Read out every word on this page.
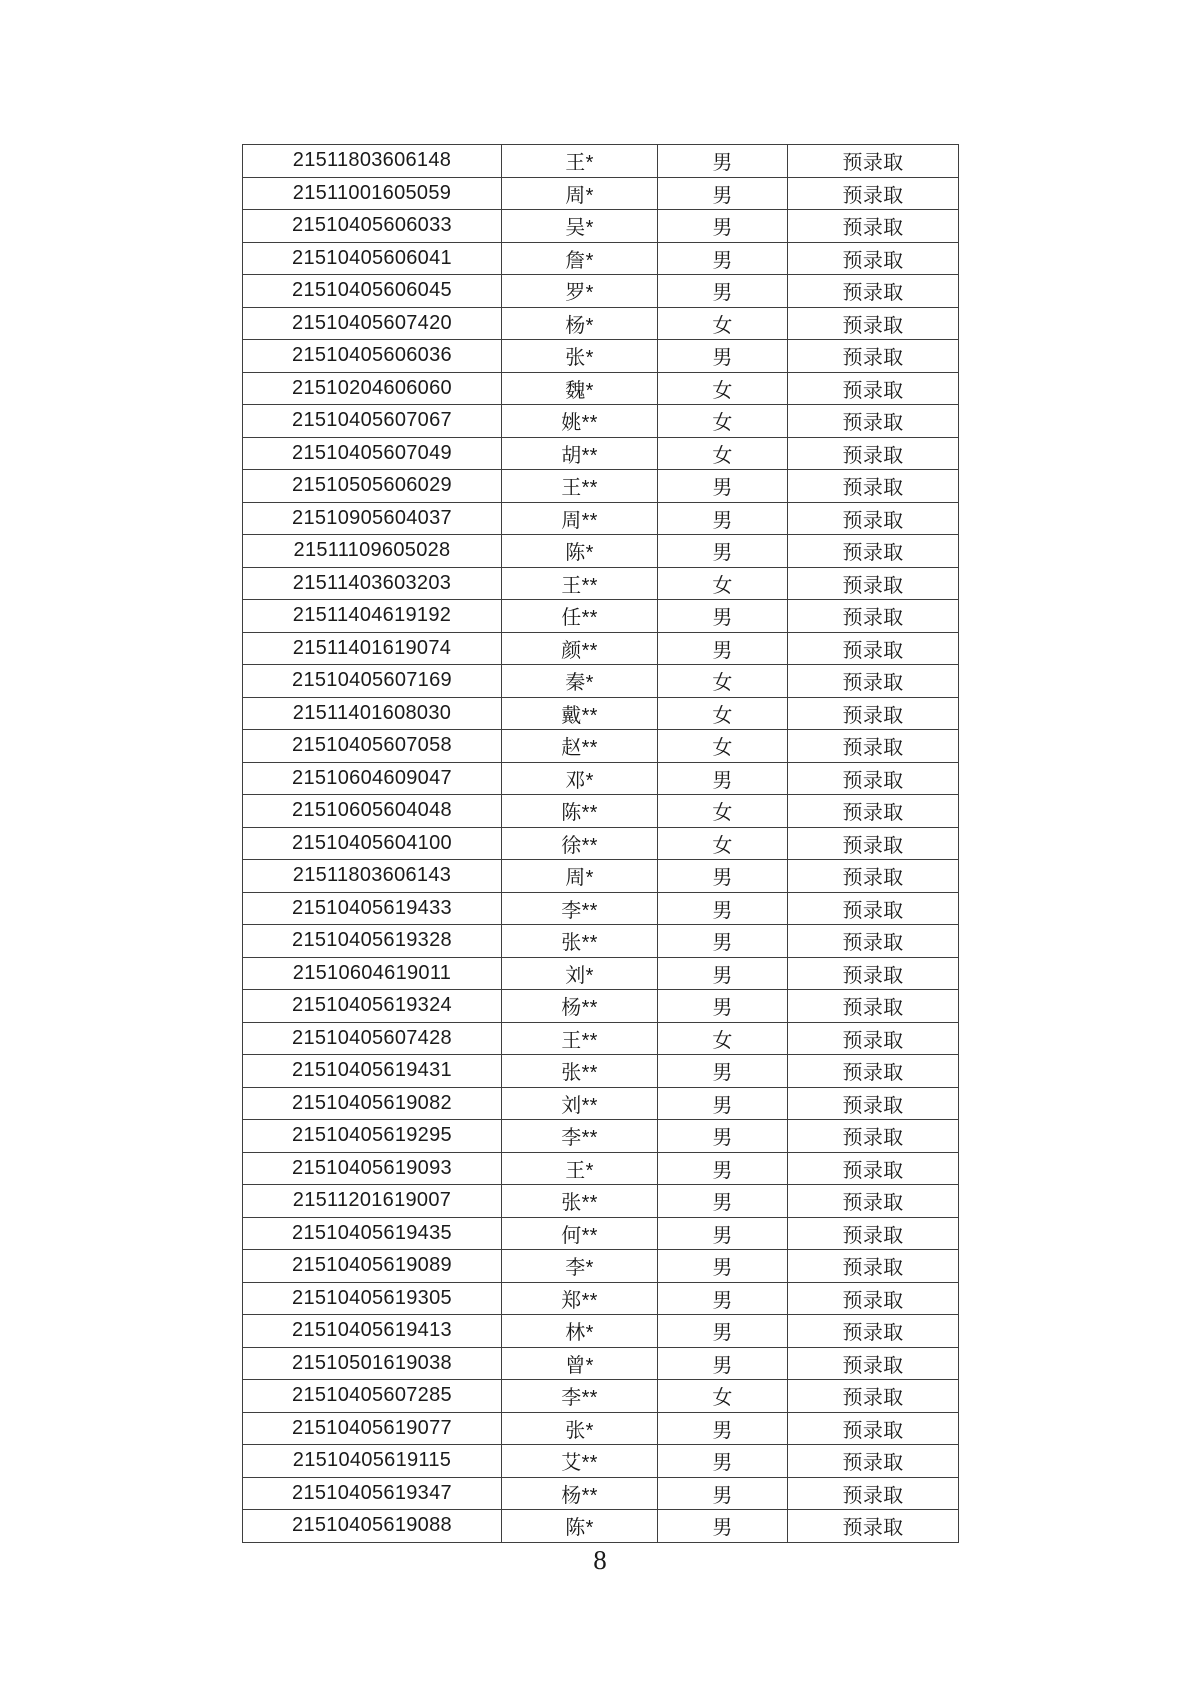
21511803606148	王*	男	预录取
21511001605059	周*	男	预录取
21510405606033	吴*	男	预录取
21510405606041	詹*	男	预录取
21510405606045	罗*	男	预录取
21510405607420	杨*	女	预录取
21510405606036	张*	男	预录取
21510204606060	魏*	女	预录取
21510405607067	姚**	女	预录取
21510405607049	胡**	女	预录取
21510505606029	王**	男	预录取
21510905604037	周**	男	预录取
21511109605028	陈*	男	预录取
21511403603203	王**	女	预录取
21511404619192	任**	男	预录取
21511401619074	颜**	男	预录取
21510405607169	秦*	女	预录取
21511401608030	戴**	女	预录取
21510405607058	赵**	女	预录取
21510604609047	邓*	男	预录取
21510605604048	陈**	女	预录取
21510405604100	徐**	女	预录取
21511803606143	周*	男	预录取
21510405619433	李**	男	预录取
21510405619328	张**	男	预录取
21510604619011	刘*	男	预录取
21510405619324	杨**	男	预录取
21510405607428	王**	女	预录取
21510405619431	张**	男	预录取
21510405619082	刘**	男	预录取
21510405619295	李**	男	预录取
21510405619093	王*	男	预录取
21511201619007	张**	男	预录取
21510405619435	何**	男	预录取
21510405619089	李*	男	预录取
21510405619305	郑**	男	预录取
21510405619413	林*	男	预录取
21510501619038	曾*	男	预录取
21510405607285	李**	女	预录取
21510405619077	张*	男	预录取
21510405619115	艾**	男	预录取
21510405619347	杨**	男	预录取
21510405619088	陈*	男	预录取
8
